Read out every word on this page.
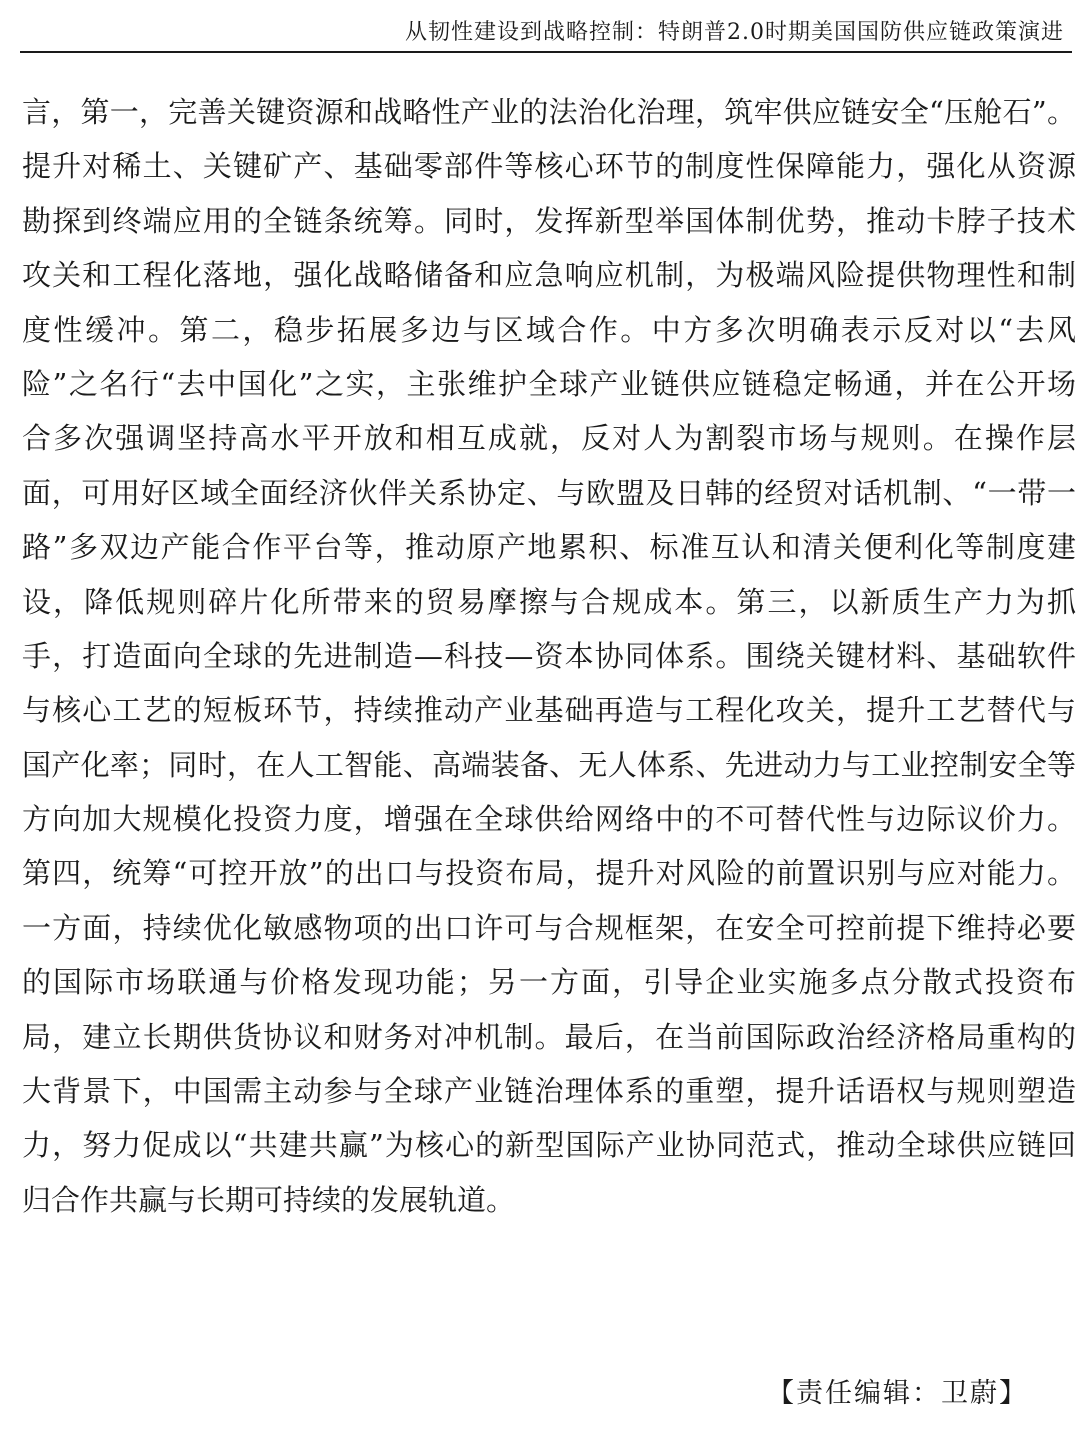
从韧性建设到战略控制：特朗普2.0时期美国国防供应链政策演进
言，第一，完善关键资源和战略性产业的法治化治理，筑牢供应链安全“压舱石”。
提升对稀土、关键矿产、基础零部件等核心环节的制度性保障能力，强化从资源
勘探到终端应用的全链条统筹。同时，发挥新型举国体制优势，推动卡脖子技术
攻关和工程化落地，强化战略储备和应急响应机制，为极端风险提供物理性和制
度性缓冲。第二，稳步拓展多边与区域合作。中方多次明确表示反对以“去风
险”之名行“去中国化”之实，主张维护全球产业链供应链稳定畅通，并在公开场
合多次强调坚持高水平开放和相互成就，反对人为割裂市场与规则。在操作层
面，可用好区域全面经济伙伴关系协定、与欧盟及日韩的经贸对话机制、“一带一
路”多双边产能合作平台等，推动原产地累积、标准互认和清关便利化等制度建
设，降低规则碎片化所带来的贸易摩擦与合规成本。第三，以新质生产力为抓
手，打造面向全球的先进制造—科技—资本协同体系。围绕关键材料、基础软件
与核心工艺的短板环节，持续推动产业基础再造与工程化攻关，提升工艺替代与
国产化率；同时，在人工智能、高端装备、无人体系、先进动力与工业控制安全等
方向加大规模化投资力度，增强在全球供给网络中的不可替代性与边际议价力。
第四，统筹“可控开放”的出口与投资布局，提升对风险的前置识别与应对能力。
一方面，持续优化敏感物项的出口许可与合规框架，在安全可控前提下维持必要
的国际市场联通与价格发现功能；另一方面，引导企业实施多点分散式投资布
局，建立长期供货协议和财务对冲机制。最后，在当前国际政治经济格局重构的
大背景下，中国需主动参与全球产业链治理体系的重塑，提升话语权与规则塑造
力，努力促成以“共建共赢”为核心的新型国际产业协同范式，推动全球供应链回
归合作共赢与长期可持续的发展轨道。
【责任编辑：卫蔚】
